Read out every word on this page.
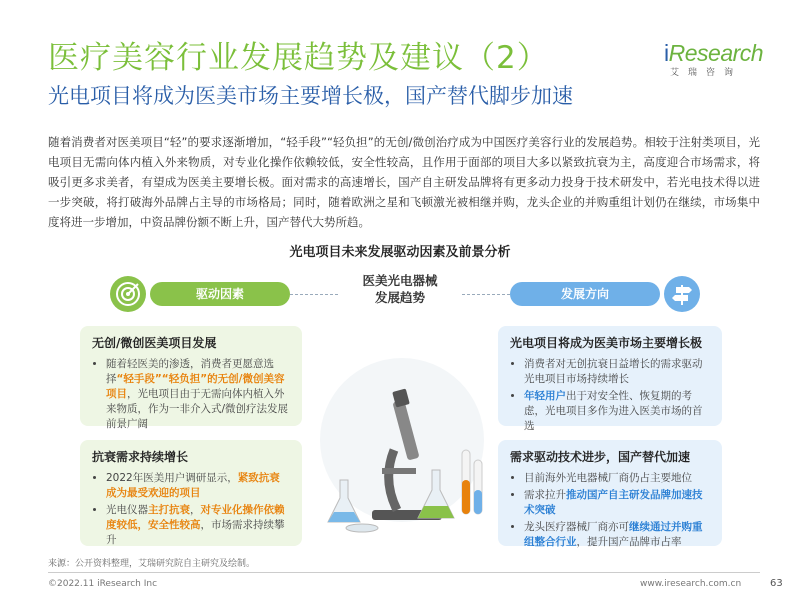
医疗美容行业发展趋势及建议（2）
光电项目将成为医美市场主要增长极，国产替代脚步加速
iResearch
艾瑞咨询
随着消费者对医美项目“轻”的要求逐渐增加，“轻手段”“轻负担”的无创/微创治疗成为中国医疗美容行业的发展趋势。相较于注射类项目，光电项目无需向体内植入外来物质，对专业化操作依赖较低，安全性较高，且作用于面部的项目大多以紧致抗衰为主，高度迎合市场需求，将吸引更多求美者，有望成为医美主要增长极。面对需求的高速增长，国产自主研发品牌将有更多动力投身于技术研发中，若光电技术得以进一步突破，将打破海外品牌占主导的市场格局；同时，随着欧洲之星和飞顿激光被相继并购，龙头企业的并购重组计划仍在继续，市场集中度将进一步增加，中资品牌份额不断上升，国产替代大势所趋。
光电项目未来发展驱动因素及前景分析
驱动因素
医美光电器械
发展趋势	发展方向
无创/微创医美项目发展
• 随着轻医美的渗透，消费者更愿意选择“轻手段”“轻负担”的无创/微创美容项目，光电项目由于无需向体内植入外来物质，作为一非介入式/微创疗法发展前景广阔
抗衰需求持续增长
• 2022年医美用户调研显示，紧致抗衰成为最受欢迎的项目
• 光电仪器主打抗衰，对专业化操作依赖度较低，安全性较高，市场需求持续攀升
光电项目将成为医美市场主要增长极
• 消费者对无创抗衰日益增长的需求驱动光电项目市场持续增长
• 年轻用户出于对安全性、恢复期的考虑，光电项目多作为进入医美市场的首选
需求驱动技术进步，国产替代加速
• 目前海外光电器械厂商仍占主要地位
• 需求拉升推动国产自主研发品牌加速技术突破
• 龙头医疗器械厂商亦可继续通过并购重组整合行业，提升国产品牌市占率
来源：公开资料整理，艾瑞研究院自主研究及绘制。
©2022.11 iResearch Inc	www.iresearch.com.cn	63
